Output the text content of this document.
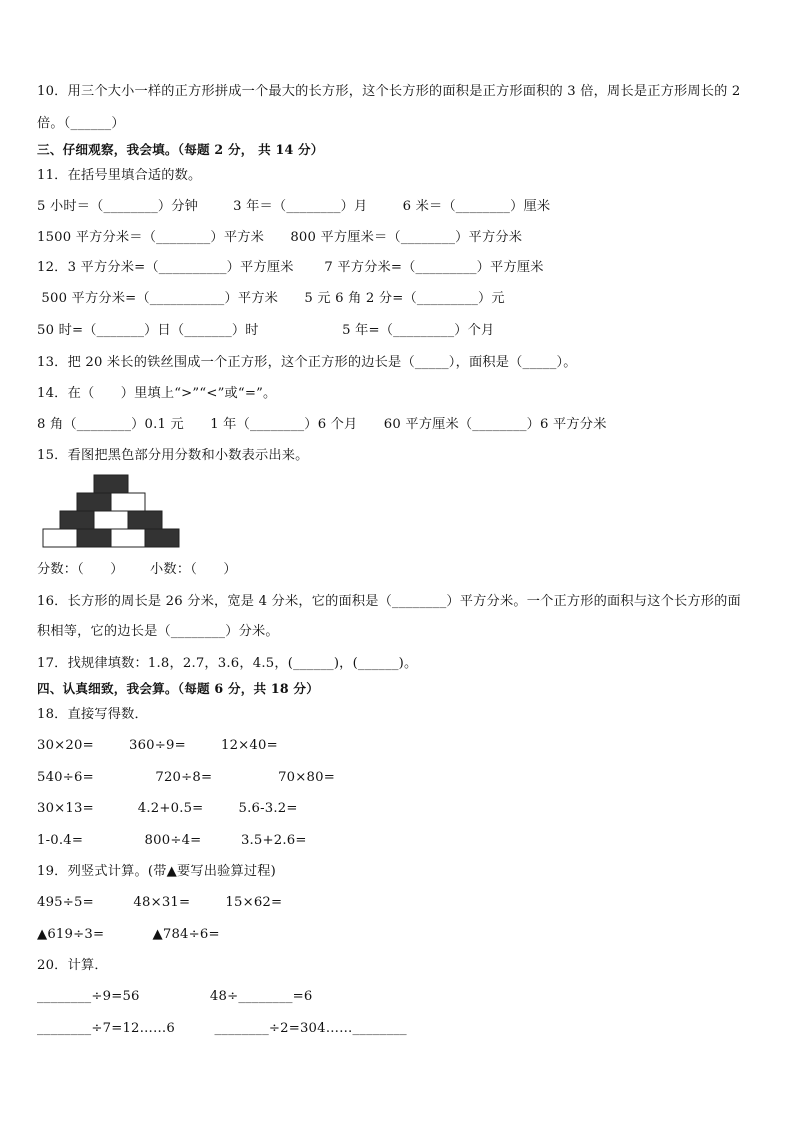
10．用三个大小一样的正方形拼成一个最大的长方形，这个长方形的面积是正方形面积的 3 倍，周长是正方形周长的 2
倍。（______）
三、仔细观察，我会填。（每题 2 分， 共 14 分）
11．在括号里填合适的数。
5 小时＝（________）分钟        3 年＝（________）月        6 米＝（________）厘米
1500 平方分米＝（________）平方米      800 平方厘米＝（________）平方分米
12．3 平方分米=（__________）平方厘米       7 平方分米=（_________）平方厘米
500 平方分米=（___________）平方米      5 元 6 角 2 分=（_________）元
50 时=（_______）日（_______）时                   5 年=（_________）个月
13．把 20 米长的铁丝围成一个正方形，这个正方形的边长是（_____），面积是（_____）。
14．在（      ）里填上“>”“<”或“=”。
8 角（________）0.1 元      1 年（________）6 个月      60 平方厘米（________）6 平方分米
15．看图把黑色部分用分数和小数表示出来。
分数：（      ）      小数：（      ）
16．长方形的周长是 26 分米，宽是 4 分米，它的面积是（________）平方分米。一个正方形的面积与这个长方形的面
积相等，它的边长是（________）分米。
17．找规律填数：1.8，2.7，3.6，4.5，(______)，(______)。
四、认真细致，我会算。（每题 6 分，共 18 分）
18．直接写得数．
30×20=        360÷9=        12×40=
540÷6=              720÷8=               70×80=
30×13=          4.2+0.5=        5.6-3.2=
1-0.4=              800÷4=         3.5+2.6=
19．列竖式计算。(带▲要写出验算过程)
495÷5=         48×31=        15×62=
▲619÷3=           ▲784÷6=
20．计算．
________÷9=56                48÷________=6
________÷7=12……6         ________÷2=304……________
